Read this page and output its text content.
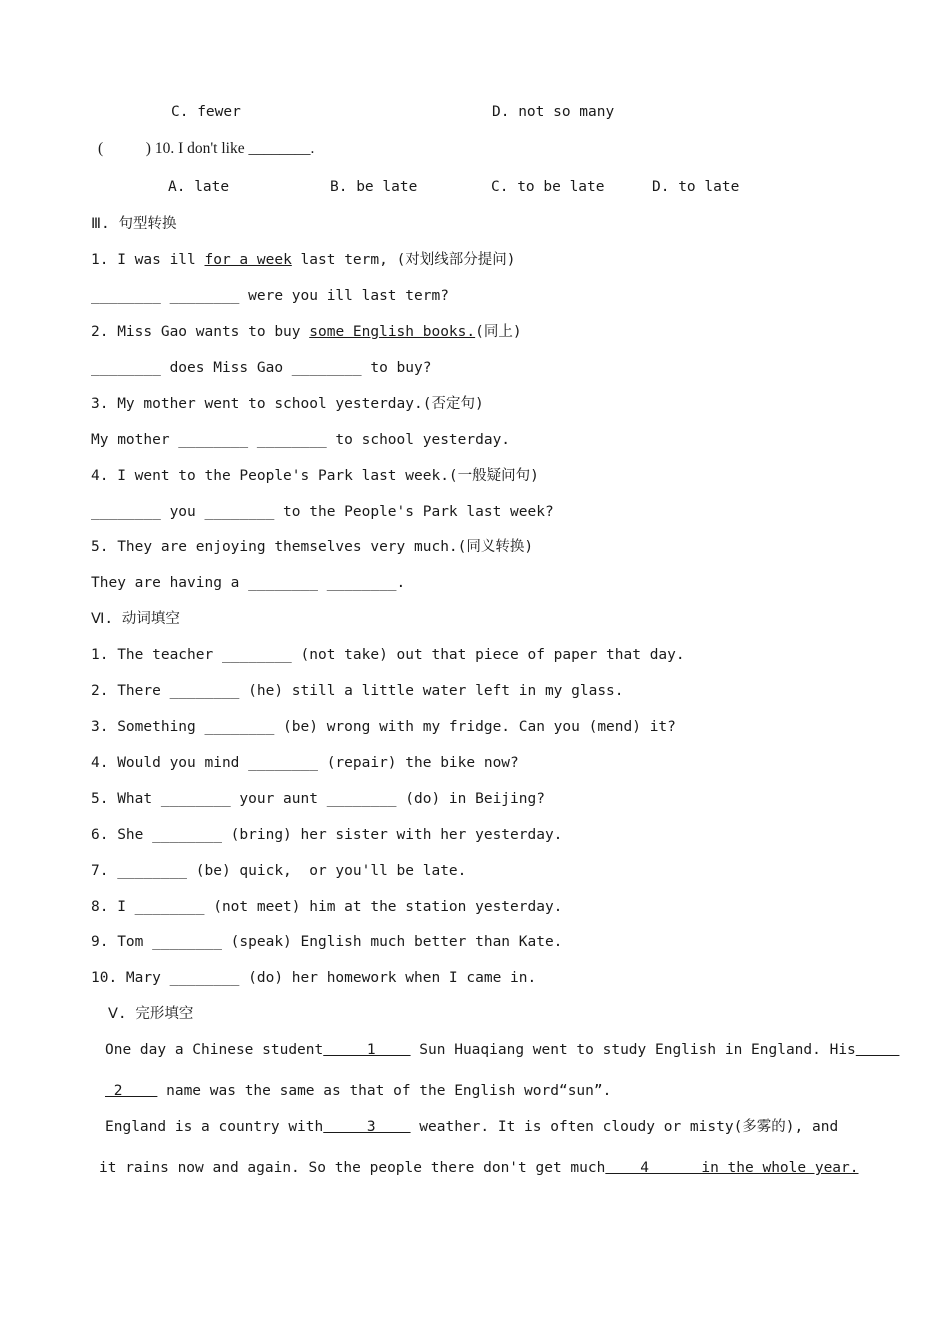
C. fewer	D. not so many
(           ) 10. I don't like ________.
A. late	B. be late	C. to be late	D. to late
Ⅲ. 句型转换
1. I was ill for a week last term, (对划线部分提问)
________ ________ were you ill last term?
2. Miss Gao wants to buy some English books.(同上)
________ does Miss Gao ________ to buy?
3. My mother went to school yesterday.(否定句)
My mother ________ ________ to school yesterday.
4. I went to the People's Park last week.(一般疑问句)
________ you ________ to the People's Park last week?
5. They are enjoying themselves very much.(同义转换)
They are having a ________ ________.
Ⅵ. 动词填空
1. The teacher ________ (not take) out that piece of paper that day.
2. There ________ (he) still a little water left in my glass.
3. Something ________ (be) wrong with my fridge. Can you (mend) it?
4. Would you mind ________ (repair) the bike now?
5. What ________ your aunt ________ (do) in Beijing?
6. She ________ (bring) her sister with her yesterday.
7. ________ (be) quick,  or you'll be late.
8. I ________ (not meet) him at the station yesterday.
9. Tom ________ (speak) English much better than Kate.
10. Mary ________ (do) her homework when I came in.
Ⅴ. 完形填空
One day a Chinese student     1     Sun Huaqiang went to study English in England. His
2     name was the same as that of the English word“sun”.
England is a country with     3     weather. It is often cloudy or misty(多雾的), and
it rains now and again. So the people there don't get much    4      in the whole year.
